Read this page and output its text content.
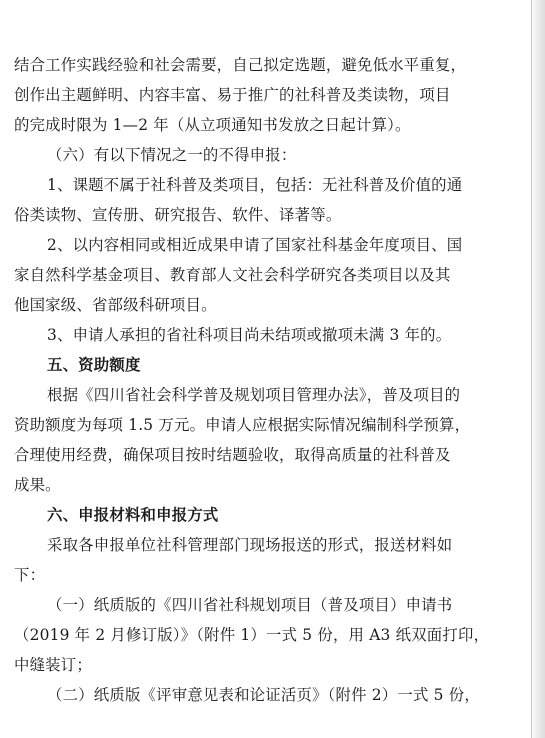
结合工作实践经验和社会需要，自己拟定选题，避免低水平重复，
创作出主题鲜明、内容丰富、易于推广的社科普及类读物，项目
的完成时限为 1—2 年（从立项通知书发放之日起计算）。
（六）有以下情况之一的不得申报：
1、课题不属于社科普及类项目，包括：无社科普及价值的通
俗类读物、宣传册、研究报告、软件、译著等。
2、以内容相同或相近成果申请了国家社科基金年度项目、国
家自然科学基金项目、教育部人文社会科学研究各类项目以及其
他国家级、省部级科研项目。
3、申请人承担的省社科项目尚未结项或撤项未满 3 年的。
五、资助额度
根据《四川省社会科学普及规划项目管理办法》，普及项目的
资助额度为每项 1.5 万元。申请人应根据实际情况编制科学预算，
合理使用经费，确保项目按时结题验收，取得高质量的社科普及
成果。
六、申报材料和申报方式
采取各申报单位社科管理部门现场报送的形式，报送材料如
下：
（一）纸质版的《四川省社科规划项目（普及项目）申请书
（2019 年 2 月修订版）》（附件 1）一式 5 份，用 A3 纸双面打印，
中缝装订；
（二）纸质版《评审意见表和论证活页》（附件 2）一式 5 份，
